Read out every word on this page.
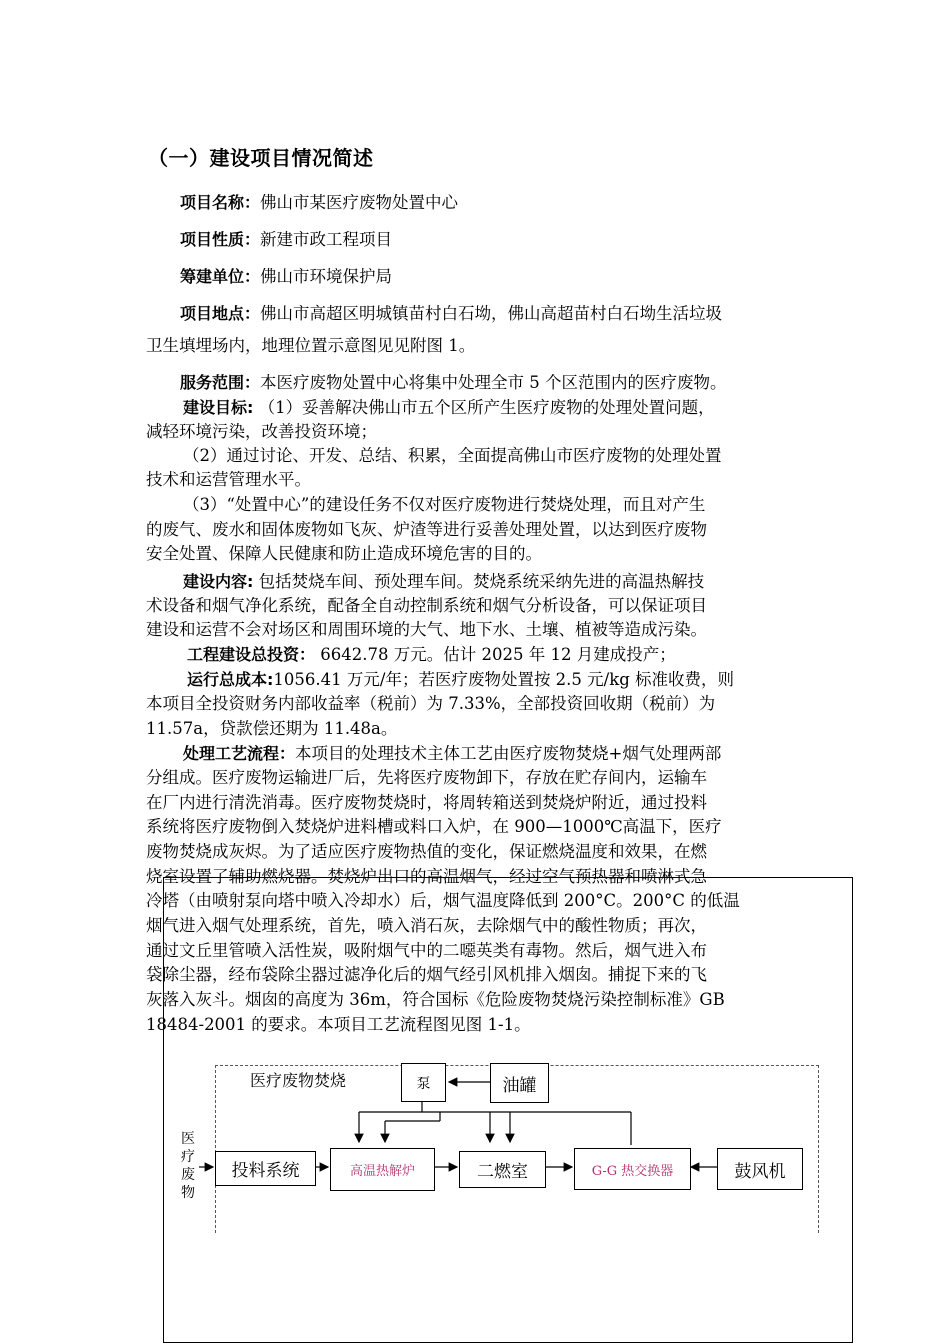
（一）建设项目情况简述
项目名称：佛山市某医疗废物处置中心
项目性质：新建市政工程项目
筹建单位：佛山市环境保护局
项目地点：佛山市高超区明城镇苗村白石坳，佛山高超苗村白石坳生活垃圾
卫生填埋场内，地理位置示意图见见附图 1。
服务范围：本医疗废物处置中心将集中处理全市 5 个区范围内的医疗废物。
建设目标: （1）妥善解决佛山市五个区所产生医疗废物的处理处置问题，
减轻环境污染，改善投资环境；
（2）通过讨论、开发、总结、积累，全面提高佛山市医疗废物的处理处置
技术和运营管理水平。
（3）“处置中心”的建设任务不仅对医疗废物进行焚烧处理，而且对产生
的废气、废水和固体废物如飞灰、炉渣等进行妥善处理处置，以达到医疗废物
安全处置、保障人民健康和防止造成环境危害的目的。
建设内容: 包括焚烧车间、预处理车间。焚烧系统采纳先进的高温热解技
术设备和烟气净化系统，配备全自动控制系统和烟气分析设备，可以保证项目
建设和运营不会对场区和周围环境的大气、地下水、土壤、植被等造成污染。
工程建设总投资： 6642.78 万元。估计 2025 年 12 月建成投产；
运行总成本:1056.41 万元/年；若医疗废物处置按 2.5 元/kg 标准收费，则
本项目全投资财务内部收益率（税前）为 7.33%，全部投资回收期（税前）为
11.57a，贷款偿还期为 11.48a。
处理工艺流程：本项目的处理技术主体工艺由医疗废物焚烧+烟气处理两部
分组成。医疗废物运输进厂后，先将医疗废物卸下，存放在贮存间内，运输车
在厂内进行清洗消毒。医疗废物焚烧时，将周转箱送到焚烧炉附近，通过投料
系统将医疗废物倒入焚烧炉进料槽或料口入炉，在 900—1000℃高温下，医疗
废物焚烧成灰烬。为了适应医疗废物热值的变化，保证燃烧温度和效果，在燃
烧室设置了辅助燃烧器。焚烧炉出口的高温烟气，经过空气预热器和喷淋式急
冷塔（由喷射泵向塔中喷入冷却水）后，烟气温度降低到 200°C。200°C 的低温
烟气进入烟气处理系统，首先，喷入消石灰，去除烟气中的酸性物质；再次，
通过文丘里管喷入活性炭，吸附烟气中的二噁英类有毒物。然后，烟气进入布
袋除尘器，经布袋除尘器过滤净化后的烟气经引风机排入烟囱。捕捉下来的飞
灰落入灰斗。烟囱的高度为 36m，符合国标《危险废物焚烧污染控制标准》GB
18484-2001 的要求。本项目工艺流程图见图 1-1。
医疗废物焚烧
医疗废物
泵	油罐
投料系统	高温热解炉	二燃室	G-G 热交换器	鼓风机
